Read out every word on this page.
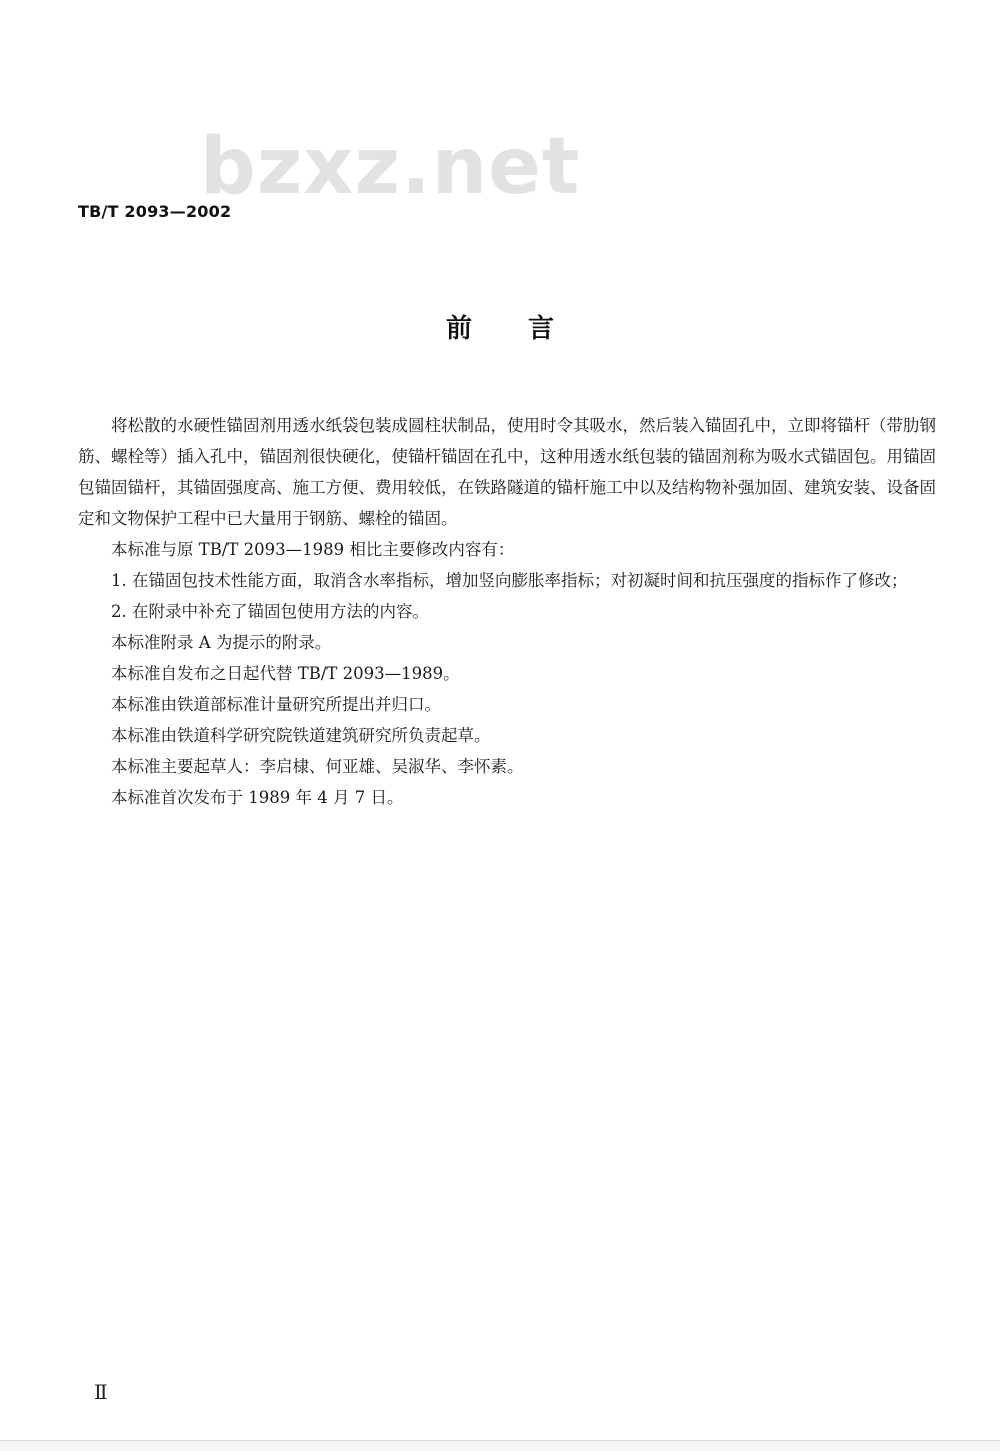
bzxz.net
TB/T 2093—2002
前言

将松散的水硬性锚固剂用透水纸袋包装成圆柱状制品，使用时令其吸水，然后装入锚固孔中，立即将锚杆（带肋钢筋、螺栓等）插入孔中，锚固剂很快硬化，使锚杆锚固在孔中，这种用透水纸包装的锚固剂称为吸水式锚固包。用锚固包锚固锚杆，其锚固强度高、施工方便、费用较低，在铁路隧道的锚杆施工中以及结构物补强加固、建筑安装、设备固定和文物保护工程中已大量用于钢筋、螺栓的锚固。

本标准与原 TB/T 2093—1989 相比主要修改内容有：

1. 在锚固包技术性能方面，取消含水率指标，增加竖向膨胀率指标；对初凝时间和抗压强度的指标作了修改；

2. 在附录中补充了锚固包使用方法的内容。

本标准附录 A 为提示的附录。

本标准自发布之日起代替 TB/T 2093—1989。

本标准由铁道部标准计量研究所提出并归口。

本标准由铁道科学研究院铁道建筑研究所负责起草。

本标准主要起草人：李启棣、何亚雄、吴淑华、李怀素。

本标准首次发布于 1989 年 4 月 7 日。

Ⅱ
